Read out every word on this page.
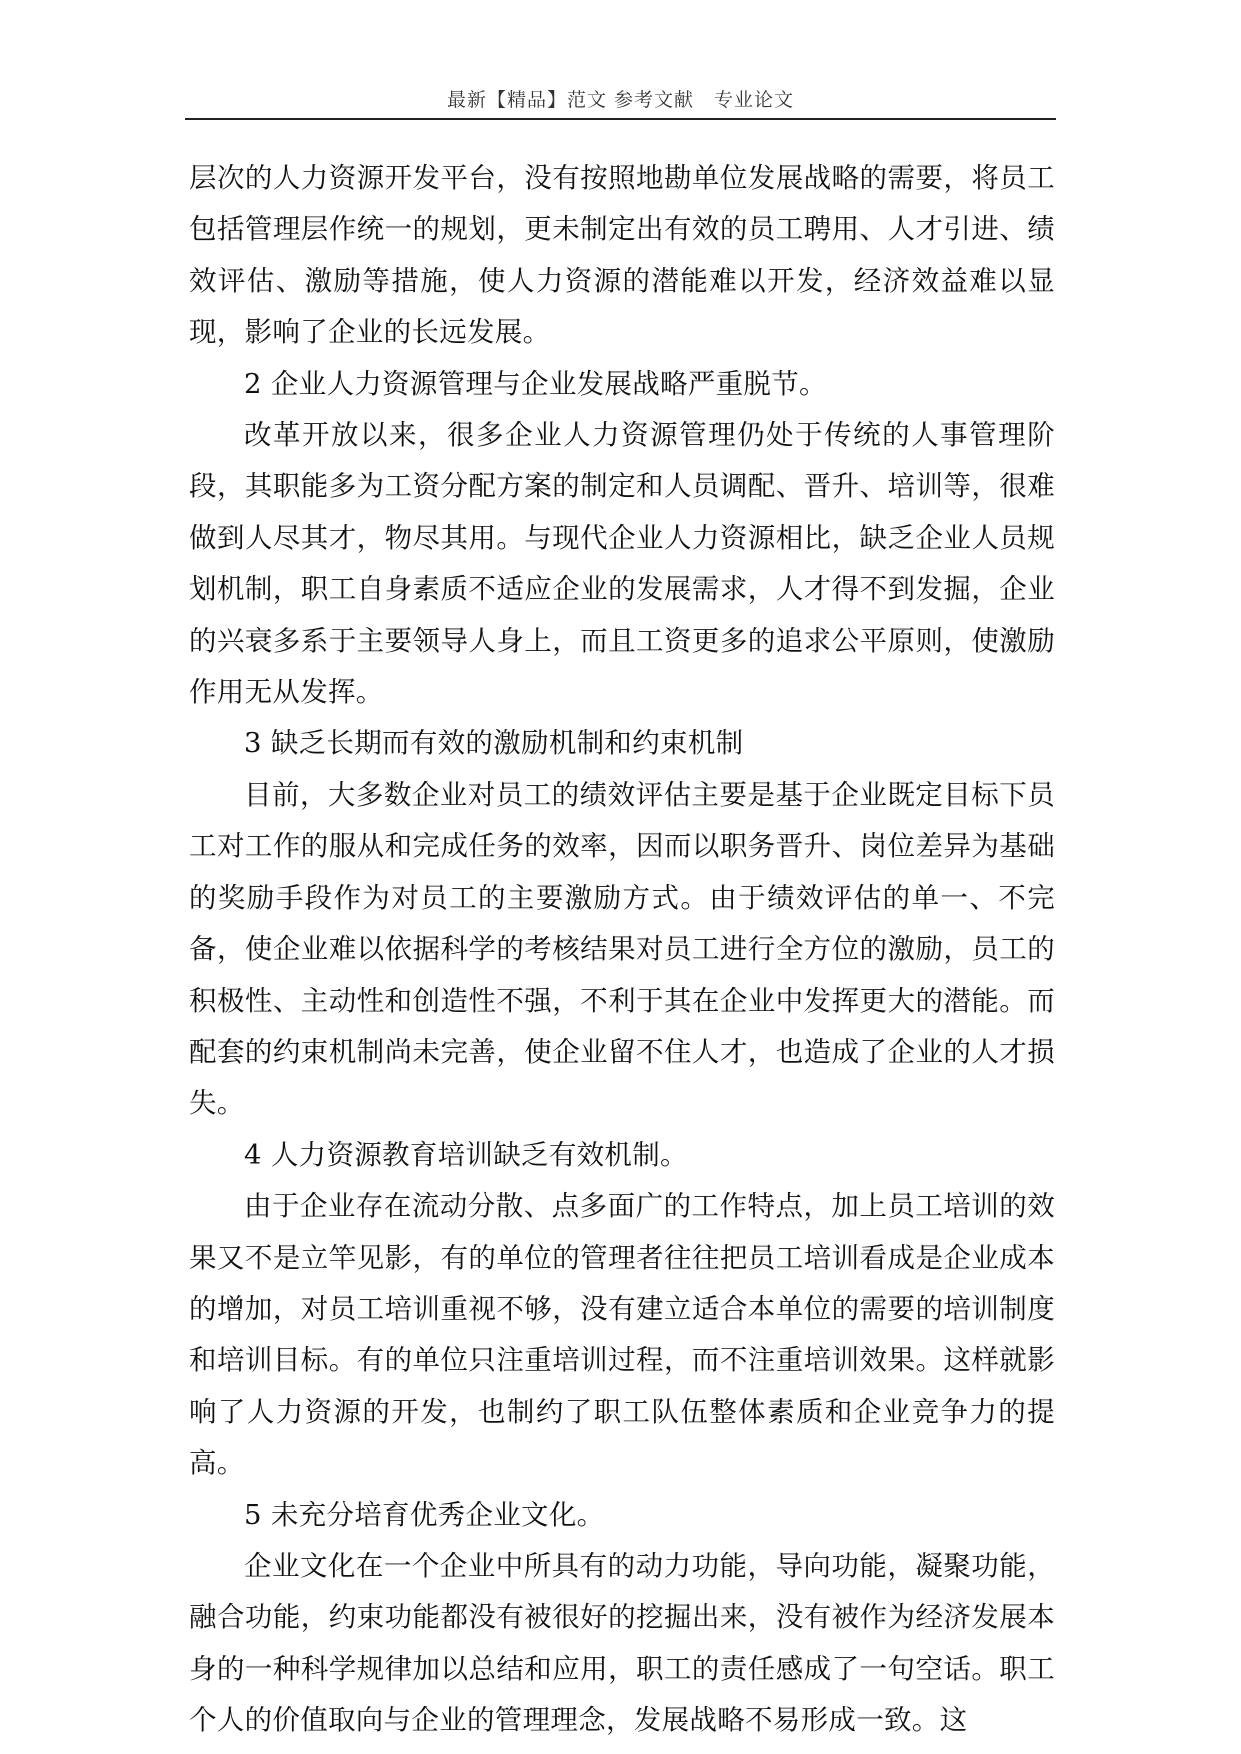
最新【精品】范文 参考文献　专业论文

层次的人力资源开发平台，没有按照地勘单位发展战略的需要，将员工包括管理层作统一的规划，更未制定出有效的员工聘用、人才引进、绩效评估、激励等措施，使人力资源的潜能难以开发，经济效益难以显现，影响了企业的长远发展。

2 企业人力资源管理与企业发展战略严重脱节。

改革开放以来，很多企业人力资源管理仍处于传统的人事管理阶段，其职能多为工资分配方案的制定和人员调配、晋升、培训等，很难做到人尽其才，物尽其用。与现代企业人力资源相比，缺乏企业人员规划机制，职工自身素质不适应企业的发展需求，人才得不到发掘，企业的兴衰多系于主要领导人身上，而且工资更多的追求公平原则，使激励作用无从发挥。

3 缺乏长期而有效的激励机制和约束机制

目前，大多数企业对员工的绩效评估主要是基于企业既定目标下员工对工作的服从和完成任务的效率，因而以职务晋升、岗位差异为基础的奖励手段作为对员工的主要激励方式。由于绩效评估的单一、不完备，使企业难以依据科学的考核结果对员工进行全方位的激励，员工的积极性、主动性和创造性不强，不利于其在企业中发挥更大的潜能。而配套的约束机制尚未完善，使企业留不住人才，也造成了企业的人才损失。

4 人力资源教育培训缺乏有效机制。

由于企业存在流动分散、点多面广的工作特点，加上员工培训的效果又不是立竿见影，有的单位的管理者往往把员工培训看成是企业成本的增加，对员工培训重视不够，没有建立适合本单位的需要的培训制度和培训目标。有的单位只注重培训过程，而不注重培训效果。这样就影响了人力资源的开发，也制约了职工队伍整体素质和企业竞争力的提高。

5 未充分培育优秀企业文化。

企业文化在一个企业中所具有的动力功能，导向功能，凝聚功能，融合功能，约束功能都没有被很好的挖掘出来，没有被作为经济发展本身的一种科学规律加以总结和应用，职工的责任感成了一句空话。职工个人的价值取向与企业的管理理念，发展战略不易形成一致。这
